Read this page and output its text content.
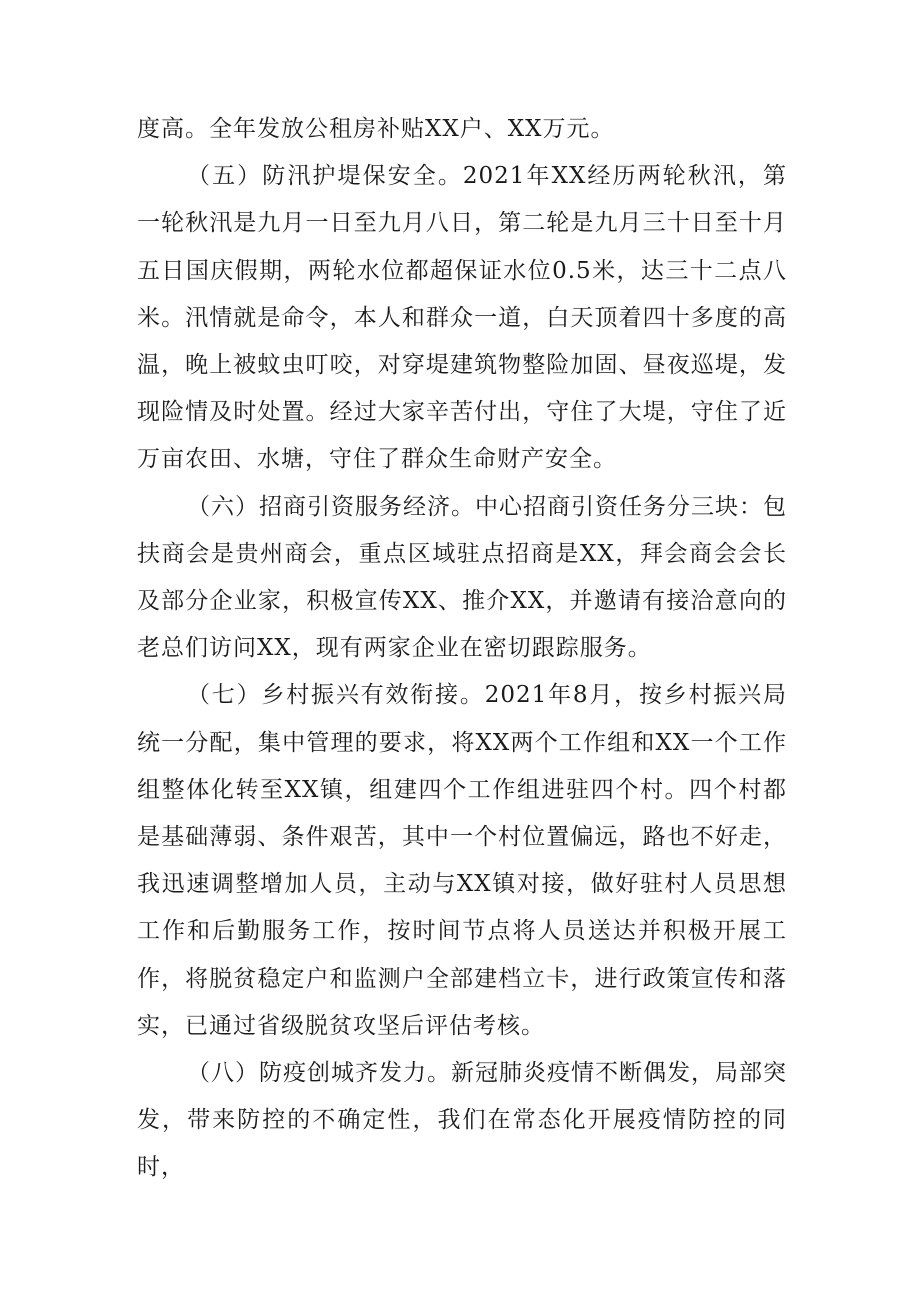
度高。全年发放公租房补贴XX户、XX万元。

（五）防汛护堤保安全。2021年XX经历两轮秋汛，第一轮秋汛是九月一日至九月八日，第二轮是九月三十日至十月五日国庆假期，两轮水位都超保证水位0.5米，达三十二点八米。汛情就是命令，本人和群众一道，白天顶着四十多度的高温，晚上被蚊虫叮咬，对穿堤建筑物整险加固、昼夜巡堤，发现险情及时处置。经过大家辛苦付出，守住了大堤，守住了近万亩农田、水塘，守住了群众生命财产安全。

（六）招商引资服务经济。中心招商引资任务分三块：包扶商会是贵州商会，重点区域驻点招商是XX，拜会商会会长及部分企业家，积极宣传XX、推介XX，并邀请有接洽意向的老总们访问XX，现有两家企业在密切跟踪服务。

（七）乡村振兴有效衔接。2021年8月，按乡村振兴局统一分配，集中管理的要求，将XX两个工作组和XX一个工作组整体化转至XX镇，组建四个工作组进驻四个村。四个村都是基础薄弱、条件艰苦，其中一个村位置偏远，路也不好走，我迅速调整增加人员，主动与XX镇对接，做好驻村人员思想工作和后勤服务工作，按时间节点将人员送达并积极开展工作，将脱贫稳定户和监测户全部建档立卡，进行政策宣传和落实，已通过省级脱贫攻坚后评估考核。

（八）防疫创城齐发力。新冠肺炎疫情不断偶发，局部突发，带来防控的不确定性，我们在常态化开展疫情防控的同时，
